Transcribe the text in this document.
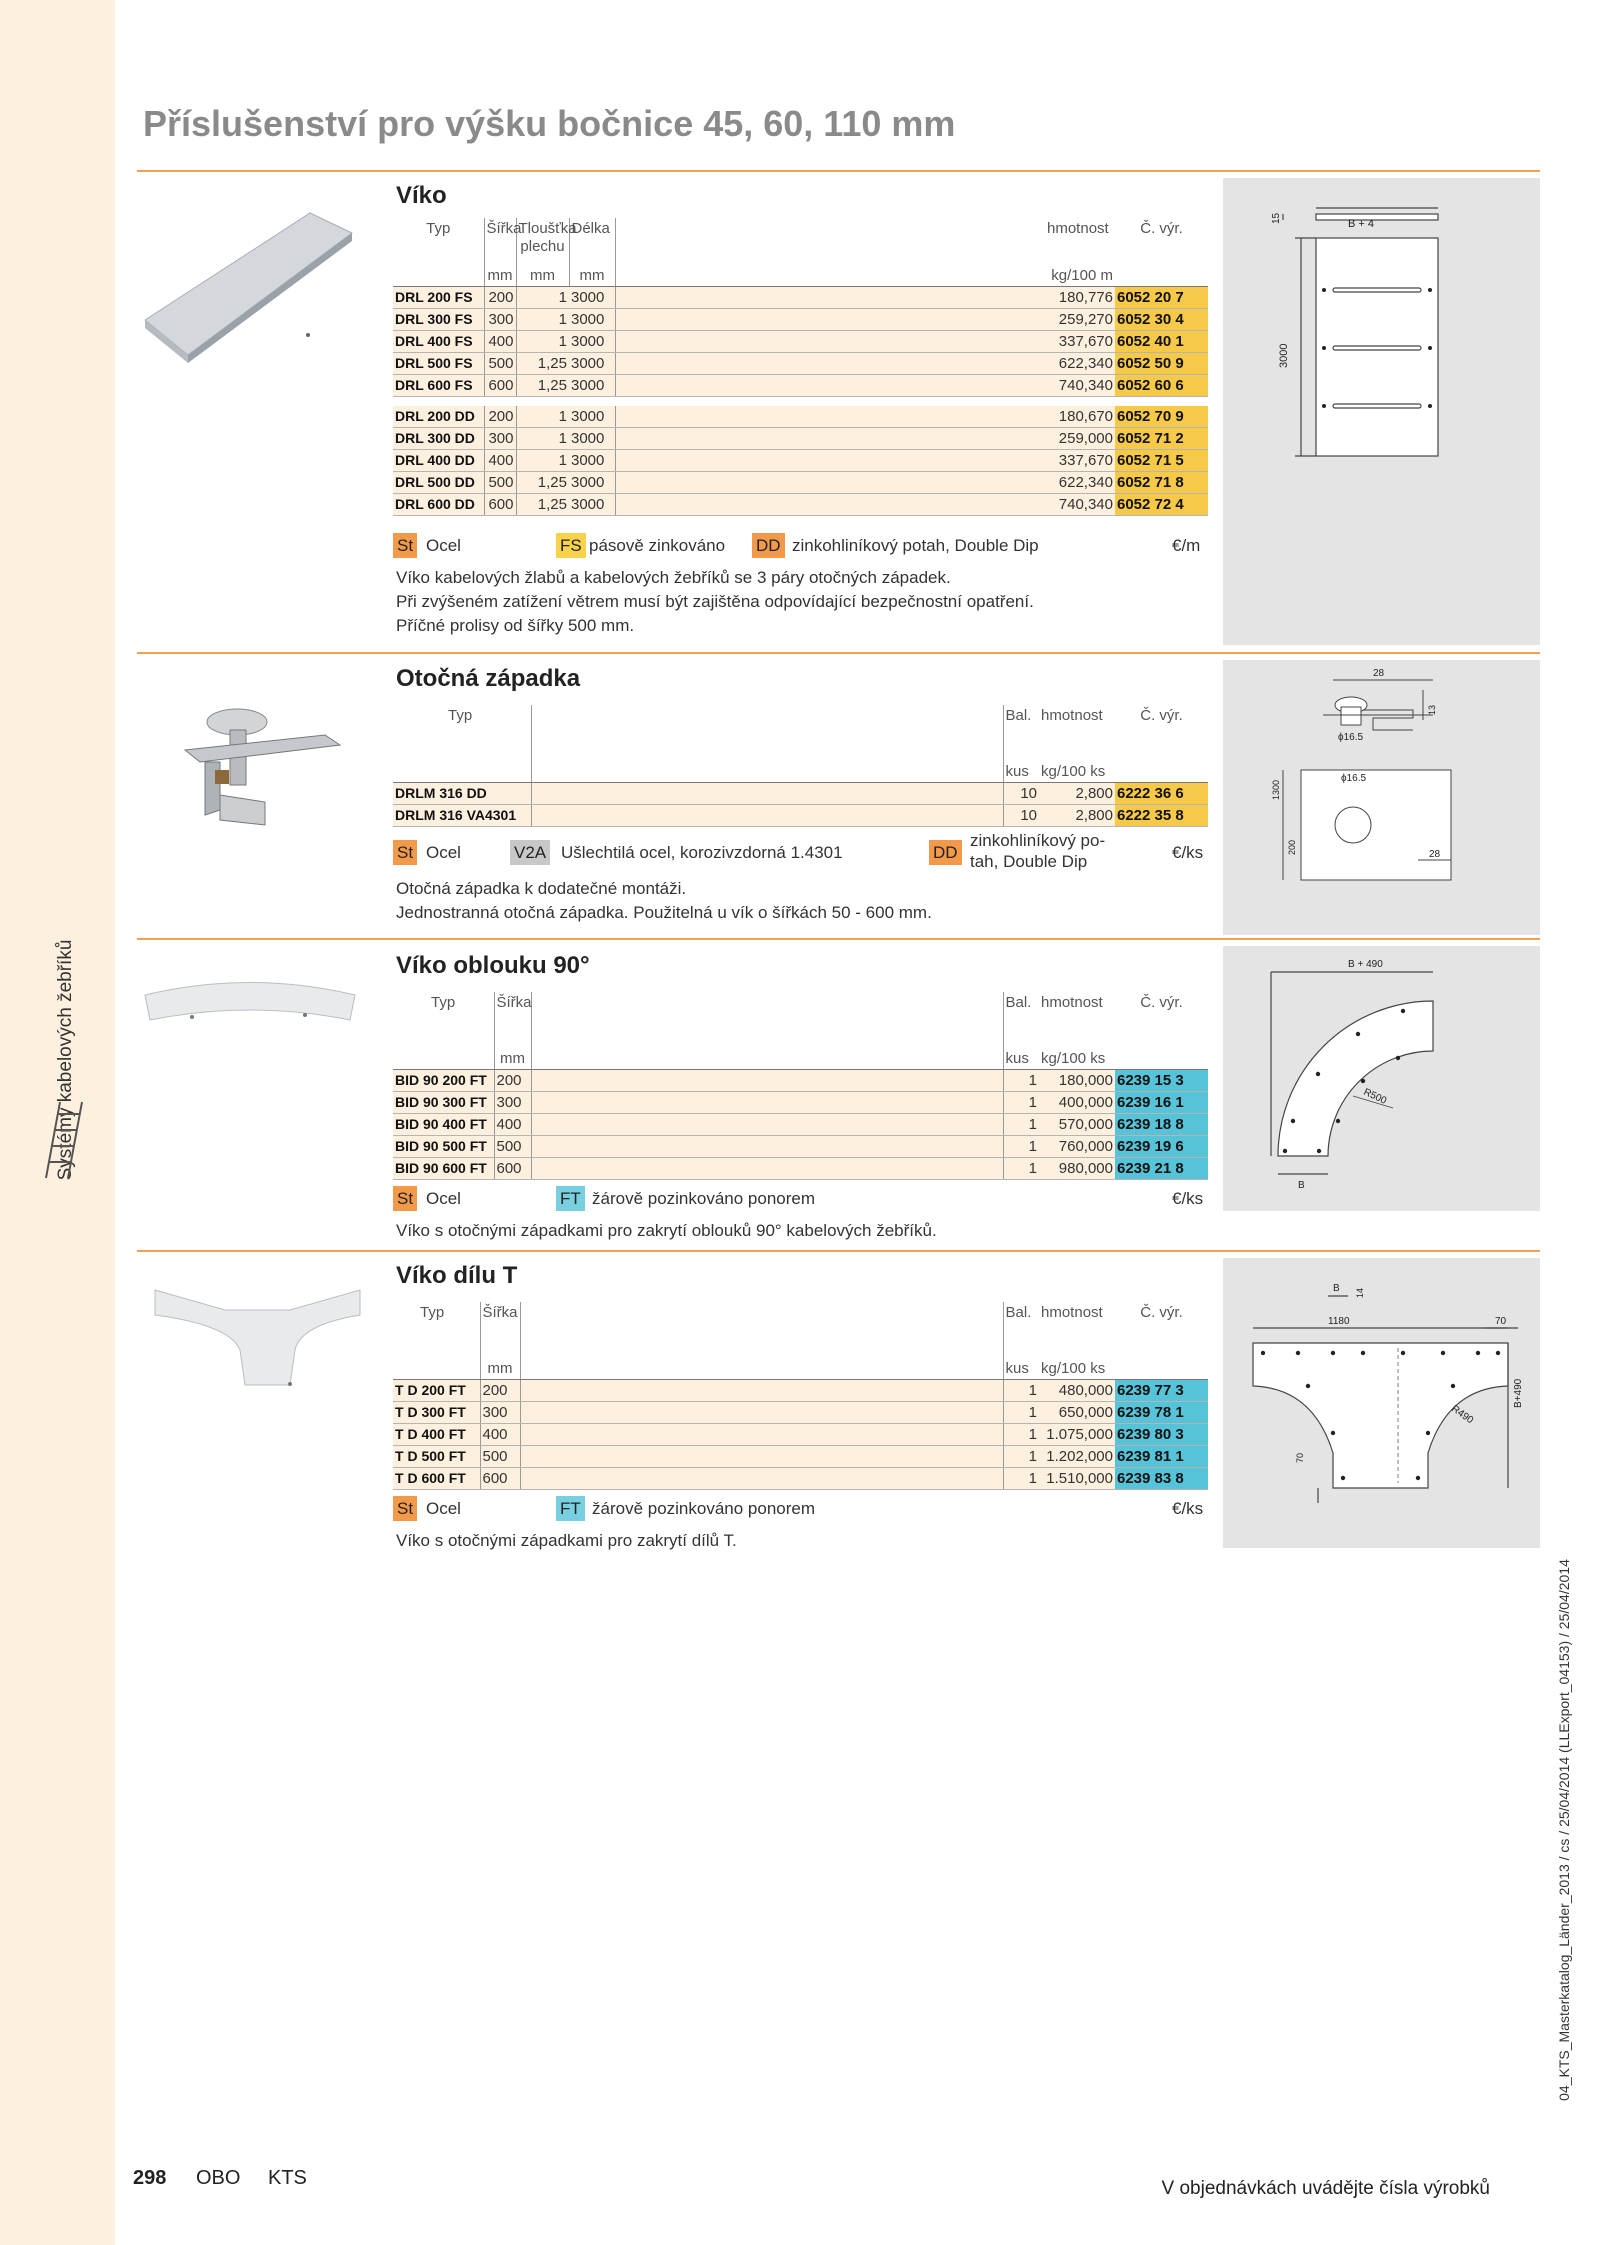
Systémy kabelových žebříků
Příslušenství pro výšku bočnice 45, 60, 110 mm
Víko
Typ	Šířka	Tloušťka plechu	Délka		hmotnost	Č. výr.
	mm	mm	mm		kg/100 m	
DRL 200 FS	200	1	3000		180,776	6052 20 7
DRL 300 FS	300	1	3000		259,270	6052 30 4
DRL 400 FS	400	1	3000		337,670	6052 40 1
DRL 500 FS	500	1,25	3000		622,340	6052 50 9
DRL 600 FS	600	1,25	3000		740,340	6052 60 6

DRL 200 DD	200	1	3000		180,670	6052 70 9
DRL 300 DD	300	1	3000		259,000	6052 71 2
DRL 400 DD	400	1	3000		337,670	6052 71 5
DRL 500 DD	500	1,25	3000		622,340	6052 71 8
DRL 600 DD	600	1,25	3000		740,340	6052 72 4
St Ocel	FS pásově zinkováno DD zinkohliníkový potah, Double Dip	€/m
Víko kabelových žlabů a kabelových žebříků se 3 páry otočných západek.
Při zvýšeném zatížení větrem musí být zajištěna odpovídající bezpečnostní opatření.
Příčné prolisy od šířky 500 mm.
B + 4
3000
15
Otočná západka
Typ		Bal.	hmotnost	Č. výr.
		kus	kg/100 ks	
DRLM 316 DD		10	2,800	6222 36 6
DRLM 316 VA4301		10	2,800	6222 35 8
St Ocel	V2A Ušlechtilá ocel, korozivzdorná 1.4301	DD
zinkohliníkový po-
tah, Double Dip	€/ks
Otočná západka k dodatečné montáži.
Jednostranná otočná západka. Použitelná u vík o šířkách 50 - 600 mm.
28
ϕ16.5
13
1300
ϕ16.5
200	28
Víko oblouku 90°
Typ	Šířka		Bal.	hmotnost	Č. výr.
	mm		kus	kg/100 ks	
BID 90 200 FT	200		1	180,000	6239 15 3
BID 90 300 FT	300		1	400,000	6239 16 1
BID 90 400 FT	400		1	570,000	6239 18 8
BID 90 500 FT	500		1	760,000	6239 19 6
BID 90 600 FT	600		1	980,000	6239 21 8
St Ocel	FT žárově pozinkováno ponorem	€/ks
Víko s otočnými západkami pro zakrytí oblouků 90° kabelových žebříků.
B + 490
R500
B
Víko dílu T
Typ	Šířka		Bal.	hmotnost	Č. výr.
	mm		kus	kg/100 ks	
T D 200 FT	200		1	480,000	6239 77 3
T D 300 FT	300		1	650,000	6239 78 1
T D 400 FT	400		1	1.075,000	6239 80 3
T D 500 FT	500		1	1.202,000	6239 81 1
T D 600 FT	600		1	1.510,000	6239 83 8
St Ocel	FT žárově pozinkováno ponorem	€/ks
Víko s otočnými západkami pro zakrytí dílů T.
B 14
1180	70
R490
B+490
70
298 OBO KTS	V objednávkách uvádějte čísla výrobků
04_KTS_Masterkatalog_Länder_2013 / cs / 25/04/2014 (LLExport_04153) / 25/04/2014
